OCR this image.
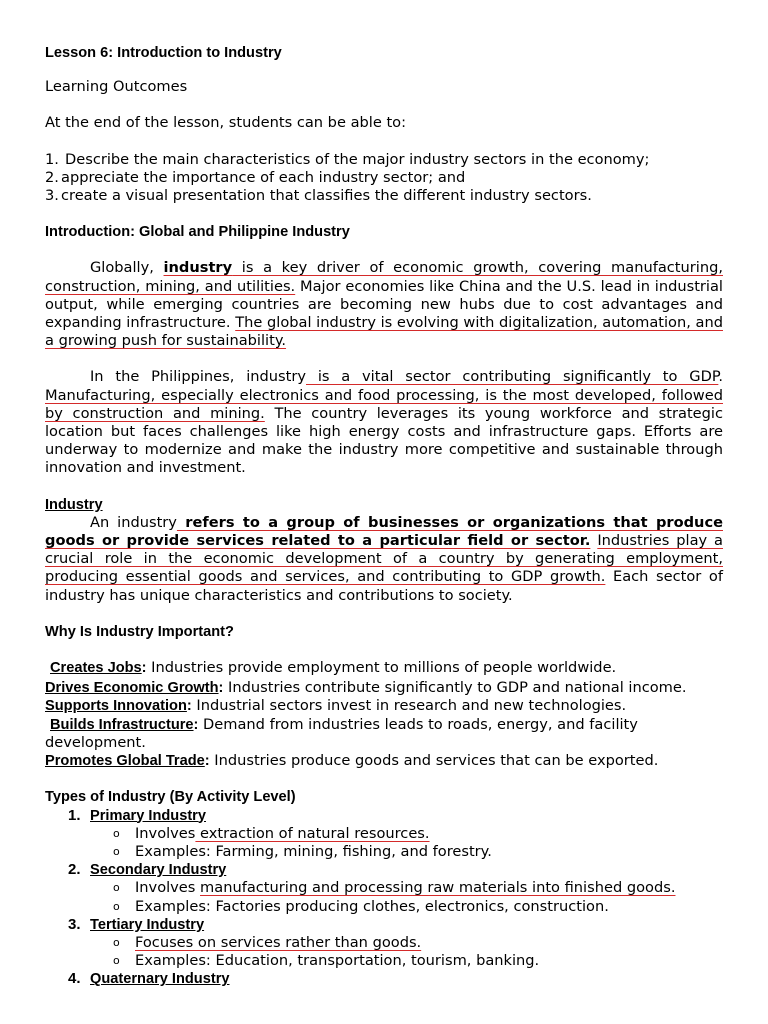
Lesson 6: Introduction to Industry

Learning Outcomes

At the end of the lesson, students can be able to:

1. Describe the main characteristics of the major industry sectors in the economy;
2. appreciate the importance of each industry sector; and
3. create a visual presentation that classifies the different industry sectors.

Introduction: Global and Philippine Industry

Globally, industry is a key driver of economic growth, covering manufacturing, construction, mining, and utilities. Major economies like China and the U.S. lead in industrial output, while emerging countries are becoming new hubs due to cost advantages and expanding infrastructure. The global industry is evolving with digitalization, automation, and a growing push for sustainability.

In the Philippines, industry is a vital sector contributing significantly to GDP. Manufacturing, especially electronics and food processing, is the most developed, followed by construction and mining. The country leverages its young workforce and strategic location but faces challenges like high energy costs and infrastructure gaps. Efforts are underway to modernize and make the industry more competitive and sustainable through innovation and investment.

Industry

An industry refers to a group of businesses or organizations that produce goods or provide services related to a particular field or sector. Industries play a crucial role in the economic development of a country by generating employment, producing essential goods and services, and contributing to GDP growth. Each sector of industry has unique characteristics and contributions to society.

Why Is Industry Important?

Creates Jobs: Industries provide employment to millions of people worldwide.
Drives Economic Growth: Industries contribute significantly to GDP and national income.
Supports Innovation: Industrial sectors invest in research and new technologies.
Builds Infrastructure: Demand from industries leads to roads, energy, and facility development.
Promotes Global Trade: Industries produce goods and services that can be exported.

Types of Industry (By Activity Level)

1. Primary Industry
o Involves extraction of natural resources.
o Examples: Farming, mining, fishing, and forestry.
2. Secondary Industry
o Involves manufacturing and processing raw materials into finished goods.
o Examples: Factories producing clothes, electronics, construction.
3. Tertiary Industry
o Focuses on services rather than goods.
o Examples: Education, transportation, tourism, banking.
4. Quaternary Industry
